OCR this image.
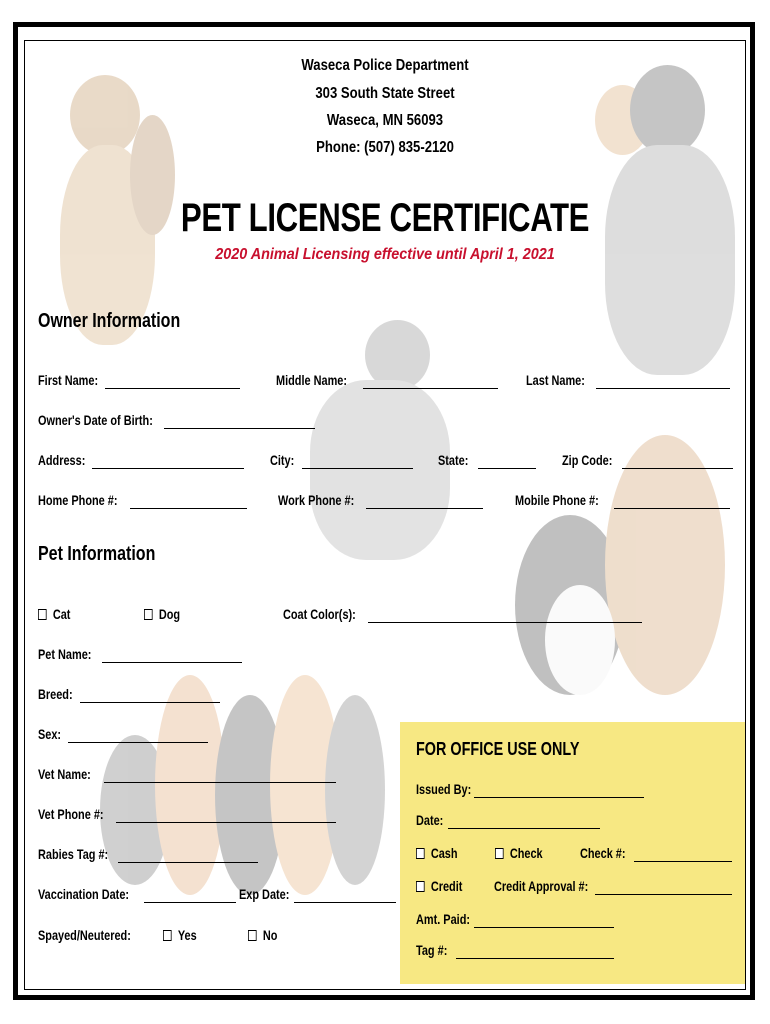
Waseca Police Department
303 South State Street
Waseca, MN 56093
Phone: (507) 835-2120
PET LICENSE CERTIFICATE
2020 Animal Licensing effective until April 1, 2021
Owner Information
First Name:	Middle Name:	Last Name:
Owner's Date of Birth:
Address:	City:	State:	Zip Code:
Home Phone #:	Work Phone #:	Mobile Phone #:
Pet Information
Cat	Dog	Coat Color(s):
Pet Name:
Breed:
Sex:
Vet Name:
Vet Phone #:
Rabies Tag #:
Vaccination Date:	Exp Date:
Spayed/Neutered:	Yes	No
FOR OFFICE USE ONLY
Issued By:
Date:
Cash	Check	Check #:
Credit Credit Approval #:
Amt. Paid:
Tag #:
